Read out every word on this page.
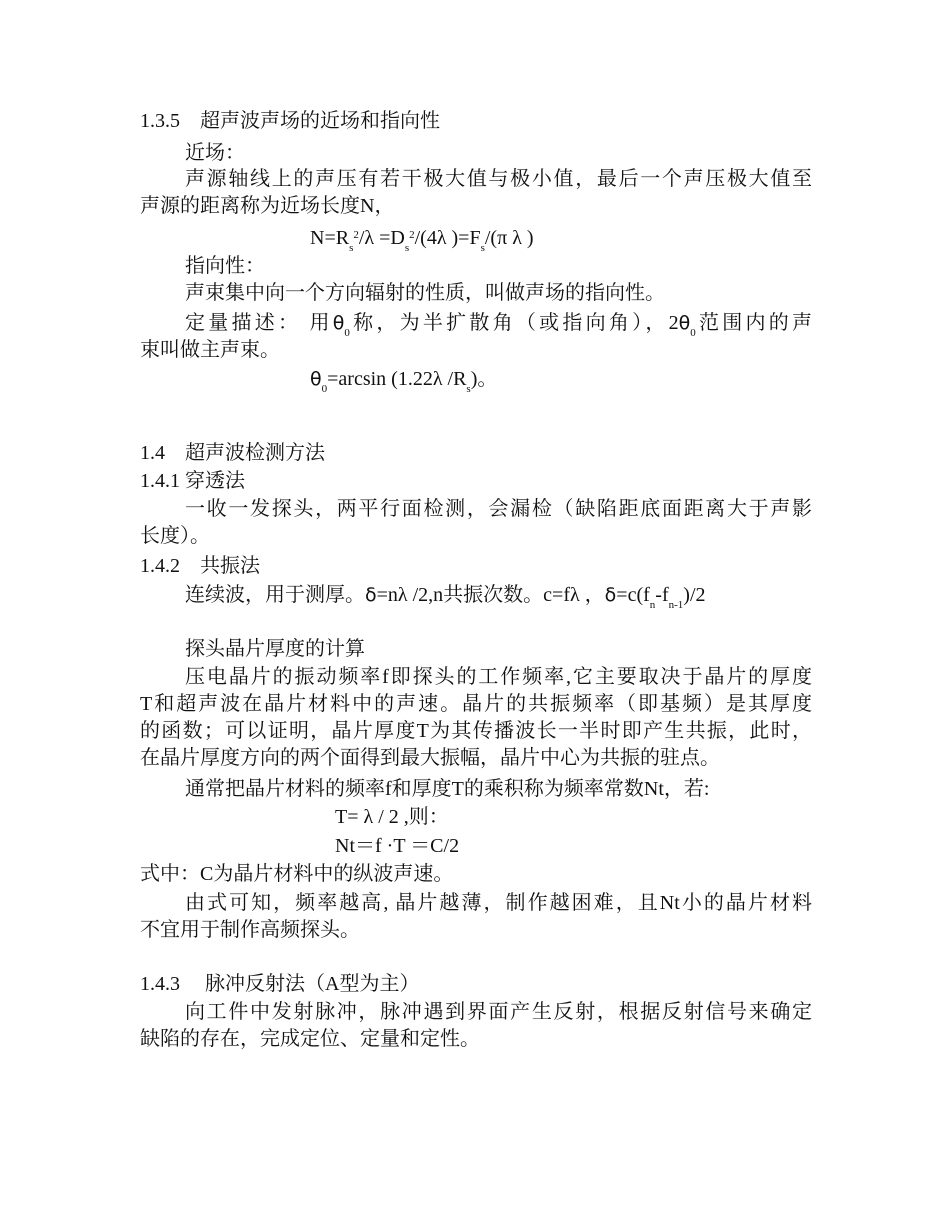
1.3.5　超声波声场的近场和指向性
近场：
声源轴线上的声压有若干极大值与极小值，最后一个声压极大值至
声源的距离称为近场长度N，
$N=R_s^2/\lambda =D_s^2/(4\lambda$ )$=F_s/(\pi$ λ )
指向性：
声束集中向一个方向辐射的性质，叫做声场的指向性。
定量描述： 用$\theta_0$称，为半扩散角（或指向角），$2\theta_0$范围内的声
束叫做主声束。
$\theta_0=\arcsin$ (1.22λ $/R_s$)。
1.4　超声波检测方法
1.4.1 穿透法
一收一发探头，两平行面检测，会漏检（缺陷距底面距离大于声影
长度）。
1.4.2　共振法
连续波，用于测厚。δ=nλ /2,n共振次数。c=fλ ，$\delta=c(f_n-f_{n-1})/2$
探头晶片厚度的计算
压电晶片的振动频率f即探头的工作频率,它主要取决于晶片的厚度
T和超声波在晶片材料中的声速。晶片的共振频率（即基频）是其厚度
的函数；可以证明，晶片厚度T为其传播波长一半时即产生共振，此时，
在晶片厚度方向的两个面得到最大振幅，晶片中心为共振的驻点。
通常把晶片材料的频率f和厚度T的乘积称为频率常数Nt，若:
T= λ / 2 ,则：
Nt＝f ·T ＝C/2
式中：C为晶片材料中的纵波声速。
由式可知，频率越高, 晶片越薄，制作越困难，且Nt小的晶片材料
不宜用于制作高频探头。
1.4.3　 脉冲反射法（A型为主）
向工件中发射脉冲，脉冲遇到界面产生反射，根据反射信号来确定
缺陷的存在，完成定位、定量和定性。
